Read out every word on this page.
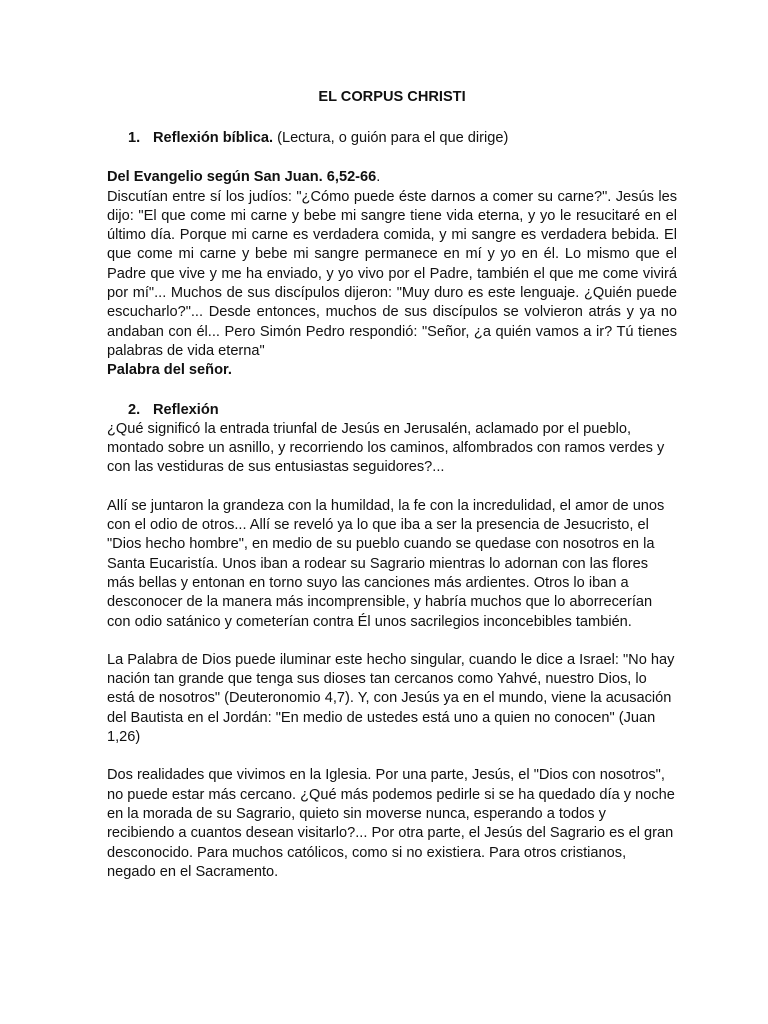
EL CORPUS CHRISTI
1. Reflexión bíblica. (Lectura, o guión para el que dirige)
Del Evangelio según San Juan. 6,52-66.

Discutían entre sí los judíos: "¿Cómo puede éste darnos a comer su carne?". Jesús les dijo: "El que come mi carne y bebe mi sangre tiene vida eterna, y yo le resucitaré en el último día. Porque mi carne es verdadera comida, y mi sangre es verdadera bebida. El que come mi carne y bebe mi sangre permanece en mí y yo en él. Lo mismo que el Padre que vive y me ha enviado, y yo vivo por el Padre, también el que me come vivirá por mí"... Muchos de sus discípulos dijeron: "Muy duro es este lenguaje. ¿Quién puede escucharlo?"... Desde entonces, muchos de sus discípulos se volvieron atrás y ya no andaban con él... Pero Simón Pedro respondió: "Señor, ¿a quién vamos a ir? Tú tienes palabras de vida eterna"

Palabra del señor.
2. Reflexión

¿Qué significó la entrada triunfal de Jesús en Jerusalén, aclamado por el pueblo, montado sobre un asnillo, y recorriendo los caminos, alfombrados con ramos verdes y con las vestiduras de sus entusiastas seguidores?...

Allí se juntaron la grandeza con la humildad, la fe con la incredulidad, el amor de unos con el odio de otros... Allí se reveló ya lo que iba a ser la presencia de Jesucristo, el "Dios hecho hombre", en medio de su pueblo cuando se quedase con nosotros en la Santa Eucaristía. Unos iban a rodear su Sagrario mientras lo adornan con las flores más bellas y entonan en torno suyo las canciones más ardientes. Otros lo iban a desconocer de la manera más incomprensible, y habría muchos que lo aborrecerían con odio satánico y cometerían contra Él unos sacrilegios inconcebibles también.

La Palabra de Dios puede iluminar este hecho singular, cuando le dice a Israel: "No hay nación tan grande que tenga sus dioses tan cercanos como Yahvé, nuestro Dios, lo está de nosotros" (Deuteronomio 4,7). Y, con Jesús ya en el mundo, viene la acusación del Bautista en el Jordán: "En medio de ustedes está uno a quien no conocen" (Juan 1,26)

Dos realidades que vivimos en la Iglesia. Por una parte, Jesús, el "Dios con nosotros", no puede estar más cercano. ¿Qué más podemos pedirle si se ha quedado día y noche en la morada de su Sagrario, quieto sin moverse nunca, esperando a todos y recibiendo a cuantos desean visitarlo?... Por otra parte, el Jesús del Sagrario es el gran desconocido. Para muchos católicos, como si no existiera. Para otros cristianos, negado en el Sacramento.
